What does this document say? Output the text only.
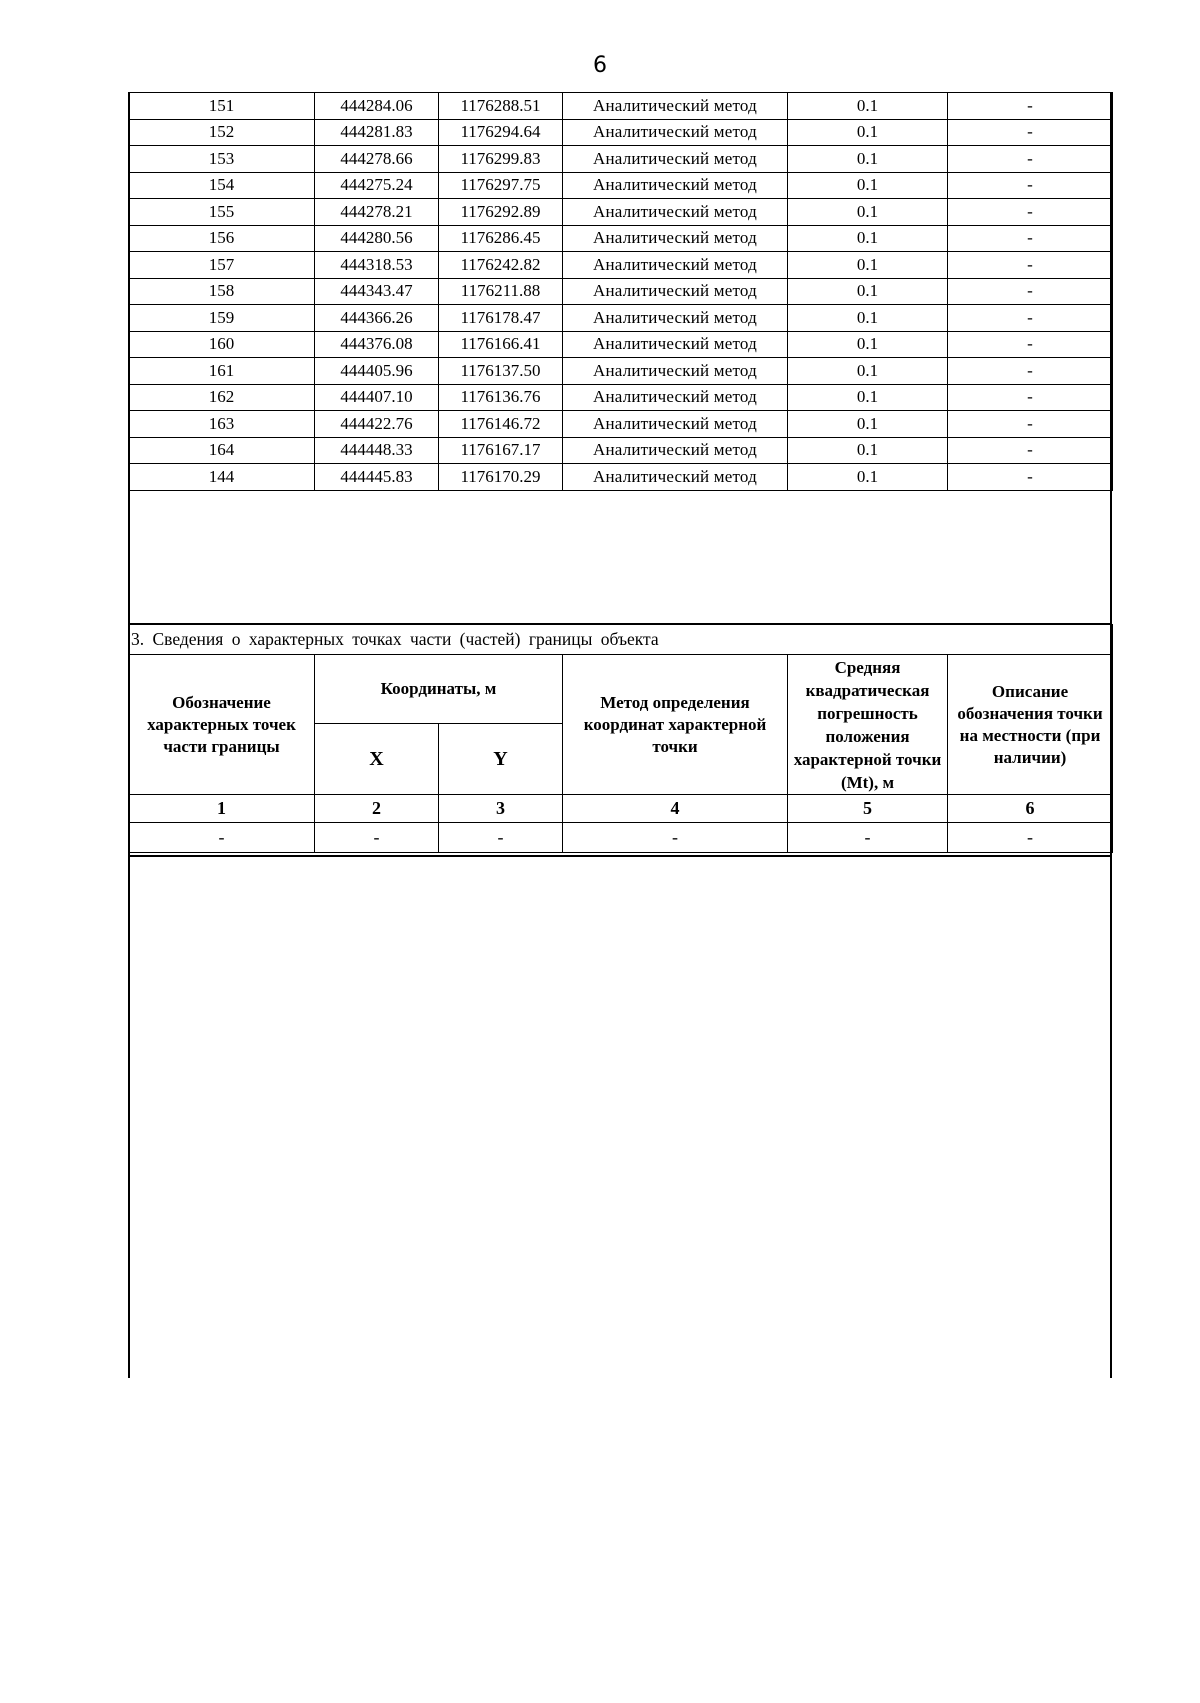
6
151	444284.06	1176288.51	Аналитический метод	0.1	-
152	444281.83	1176294.64	Аналитический метод	0.1	-
153	444278.66	1176299.83	Аналитический метод	0.1	-
154	444275.24	1176297.75	Аналитический метод	0.1	-
155	444278.21	1176292.89	Аналитический метод	0.1	-
156	444280.56	1176286.45	Аналитический метод	0.1	-
157	444318.53	1176242.82	Аналитический метод	0.1	-
158	444343.47	1176211.88	Аналитический метод	0.1	-
159	444366.26	1176178.47	Аналитический метод	0.1	-
160	444376.08	1176166.41	Аналитический метод	0.1	-
161	444405.96	1176137.50	Аналитический метод	0.1	-
162	444407.10	1176136.76	Аналитический метод	0.1	-
163	444422.76	1176146.72	Аналитический метод	0.1	-
164	444448.33	1176167.17	Аналитический метод	0.1	-
144	444445.83	1176170.29	Аналитический метод	0.1	-
3. Сведения о характерных точках части (частей) границы объекта					
Обозначение характерных точек части границы	Координаты, м		Метод определения координат характерной точки	Средняя квадратическая погрешность положения характерной точки (Mt), м	Описание обозначения точки на местности (при наличии)
	X	Y			
1	2	3	4	5	6
-	-	-	-	-	-
